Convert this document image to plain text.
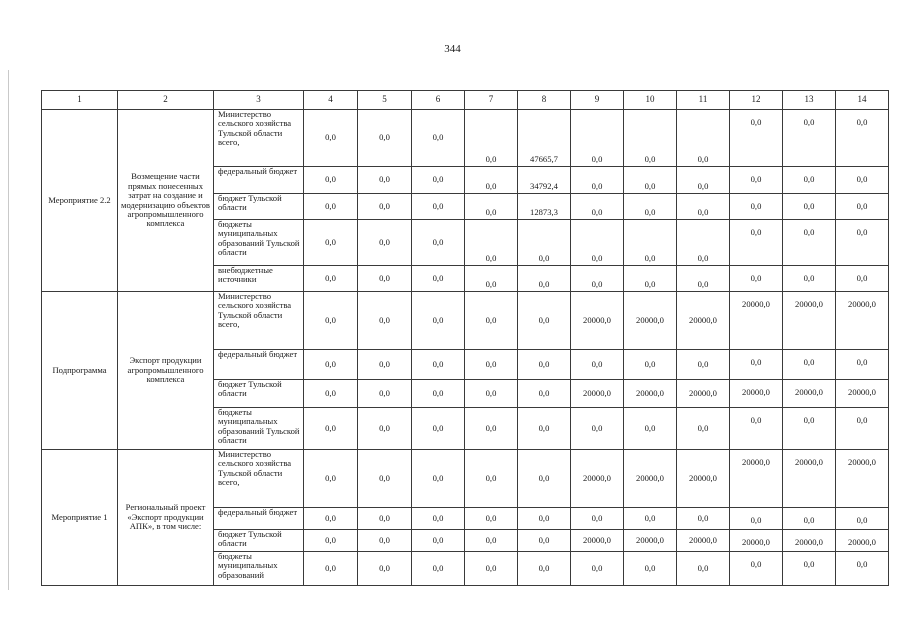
344
1	2	3	4	5	6	7	8	9	10	11	12	13	14
Мероприятие 2.2	Возмещение части прямых понесенных затрат на создание и модернизацию объектов агропромышленного комплекса	Министерство сельского хозяйства Тульской области всего,	0,0	0,0	0,0	0,0	47665,7	0,0	0,0	0,0	0,0	0,0	0,0
		федеральный бюджет	0,0	0,0	0,0	0,0	34792,4	0,0	0,0	0,0	0,0	0,0	0,0
		бюджет Тульской области	0,0	0,0	0,0	0,0	12873,3	0,0	0,0	0,0	0,0	0,0	0,0
		бюджеты муниципальных образований Тульской области	0,0	0,0	0,0	0,0	0,0	0,0	0,0	0,0	0,0	0,0	0,0
		внебюджетные источники	0,0	0,0	0,0	0,0	0,0	0,0	0,0	0,0	0,0	0,0	0,0
Подпрограмма	Экспорт продукции агропромышленного комплекса	Министерство сельского хозяйства Тульской области всего,	0,0	0,0	0,0	0,0	0,0	20000,0	20000,0	20000,0	20000,0	20000,0	20000,0
		федеральный бюджет	0,0	0,0	0,0	0,0	0,0	0,0	0,0	0,0	0,0	0,0	0,0
		бюджет Тульской области	0,0	0,0	0,0	0,0	0,0	20000,0	20000,0	20000,0	20000,0	20000,0	20000,0
		бюджеты муниципальных образований Тульской области	0,0	0,0	0,0	0,0	0,0	0,0	0,0	0,0	0,0	0,0	0,0
Мероприятие 1	Региональный проект «Экспорт продукции АПК», в том числе:	Министерство сельского хозяйства Тульской области всего,	0,0	0,0	0,0	0,0	0,0	20000,0	20000,0	20000,0	20000,0	20000,0	20000,0
		федеральный бюджет	0,0	0,0	0,0	0,0	0,0	0,0	0,0	0,0	0,0	0,0	0,0
		бюджет Тульской области	0,0	0,0	0,0	0,0	0,0	20000,0	20000,0	20000,0	20000,0	20000,0	20000,0
		бюджеты муниципальных образований	0,0	0,0	0,0	0,0	0,0	0,0	0,0	0,0	0,0	0,0	0,0
